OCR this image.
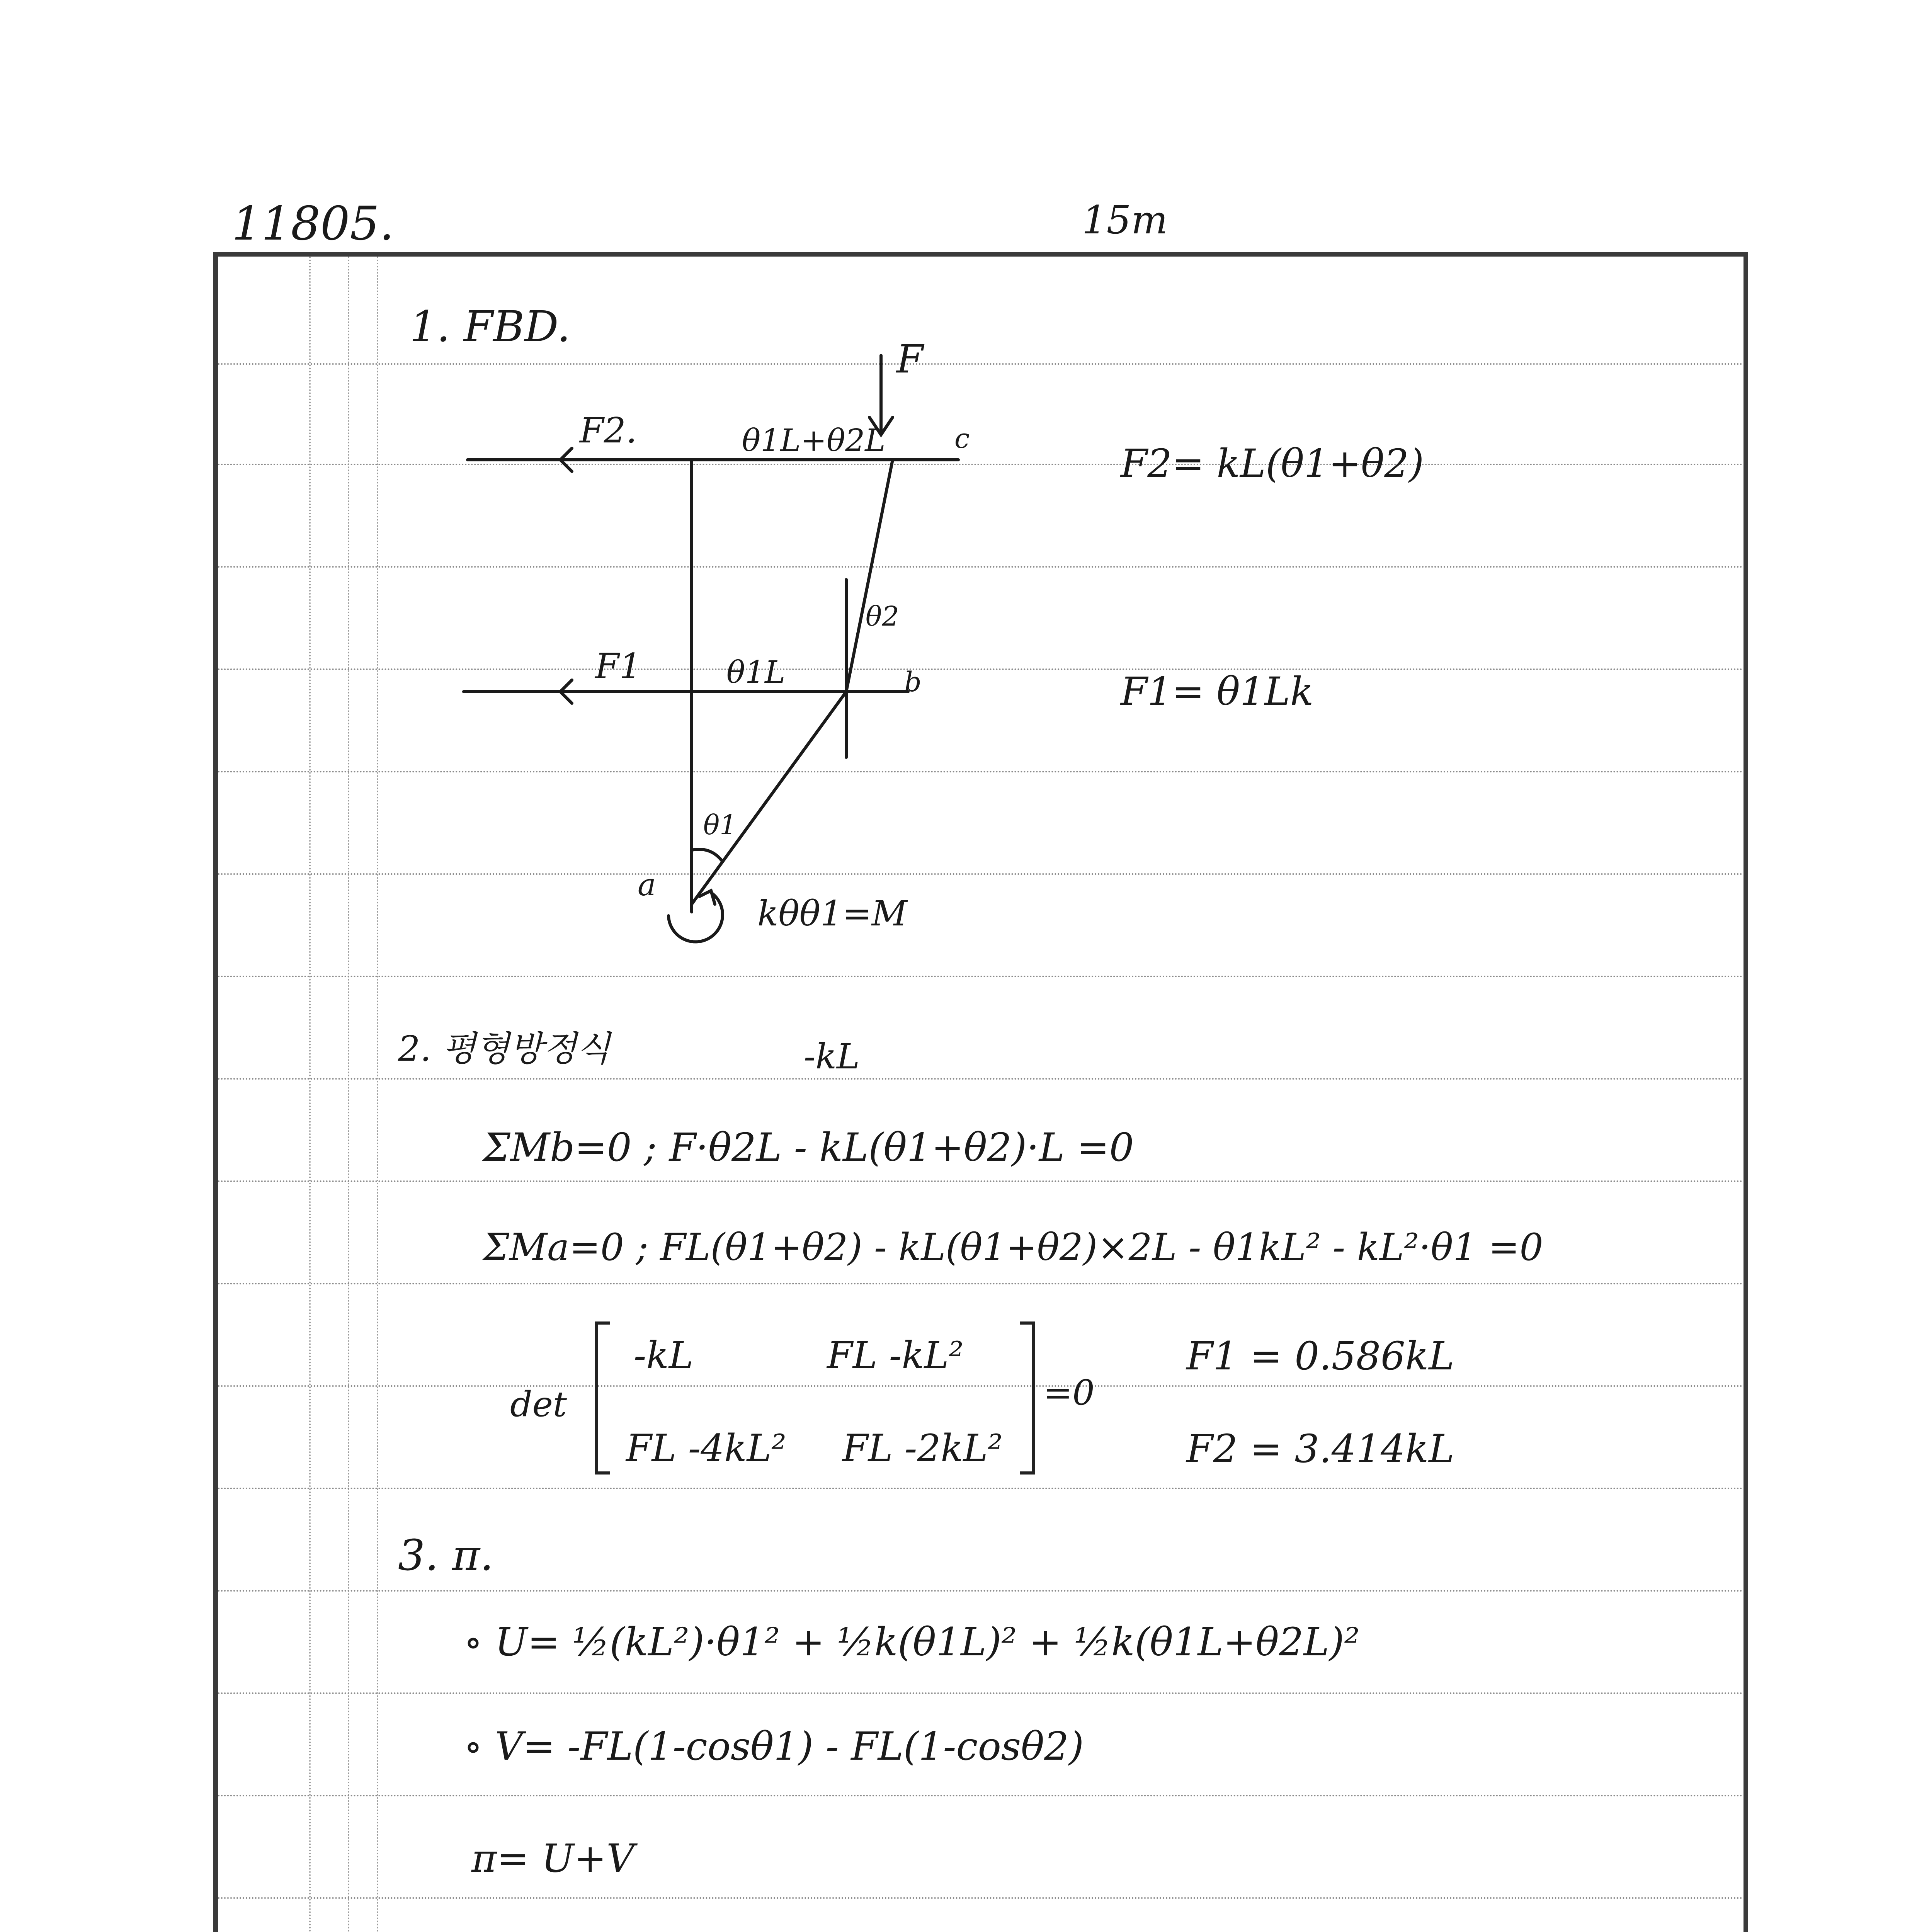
11805.	15m
1. FBD.
F
c
b
a
F2.
F1
θ1L+θ2L
θ1L
θ2
θ1
kθθ1=M
F2= kL(θ1+θ2)
F1= θ1Lk
2. 평형방정식	-kL
ΣMb=0 ; F·θ2L - kL(θ1+θ2)·L =0
ΣMa=0 ; FL(θ1+θ2) - kL(θ1+θ2)×2L - θ1kL² - kL²·θ1 =0
det
-kL	FL -kL²
FL -4kL² FL -2kL²
=0
F1 = 0.586kL
F2 = 3.414kL
3. π.
∘ U= ½(kL²)·θ1² + ½k(θ1L)² + ½k(θ1L+θ2L)²
∘ V= -FL(1-cosθ1) - FL(1-cosθ2)
π= U+V
